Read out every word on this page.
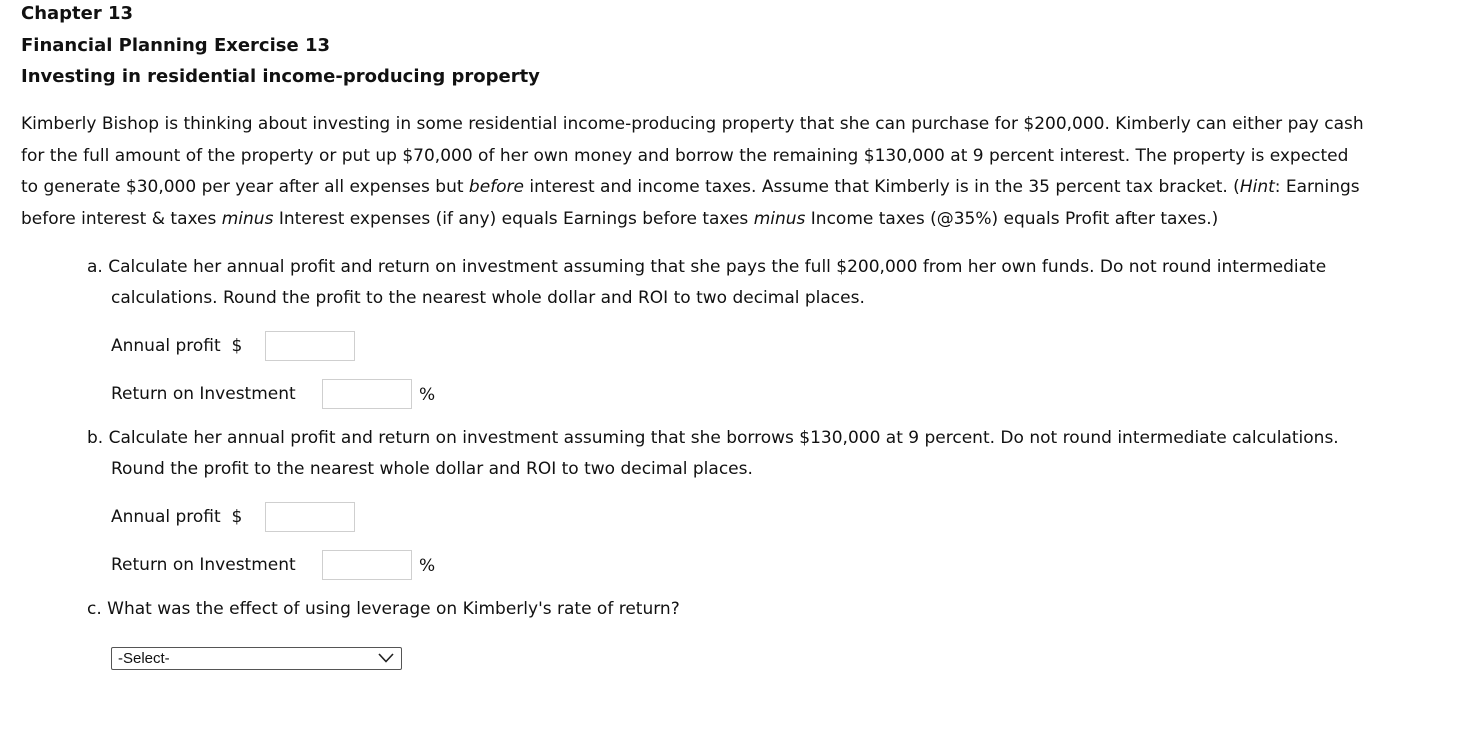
Chapter 13
Financial Planning Exercise 13
Investing in residential income-producing property
Kimberly Bishop is thinking about investing in some residential income-producing property that she can purchase for $200,000. Kimberly can either pay cash
for the full amount of the property or put up $70,000 of her own money and borrow the remaining $130,000 at 9 percent interest. The property is expected
to generate $30,000 per year after all expenses but before interest and income taxes. Assume that Kimberly is in the 35 percent tax bracket. (Hint: Earnings
before interest & taxes minus Interest expenses (if any) equals Earnings before taxes minus Income taxes (@35%) equals Profit after taxes.)
a. Calculate her annual profit and return on investment assuming that she pays the full $200,000 from her own funds. Do not round intermediate
calculations. Round the profit to the nearest whole dollar and ROI to two decimal places.
Annual profit  $
Return on Investment	%
b. Calculate her annual profit and return on investment assuming that she borrows $130,000 at 9 percent. Do not round intermediate calculations.
Round the profit to the nearest whole dollar and ROI to two decimal places.
Annual profit  $
Return on Investment	%
c. What was the effect of using leverage on Kimberly's rate of return?
-Select-
